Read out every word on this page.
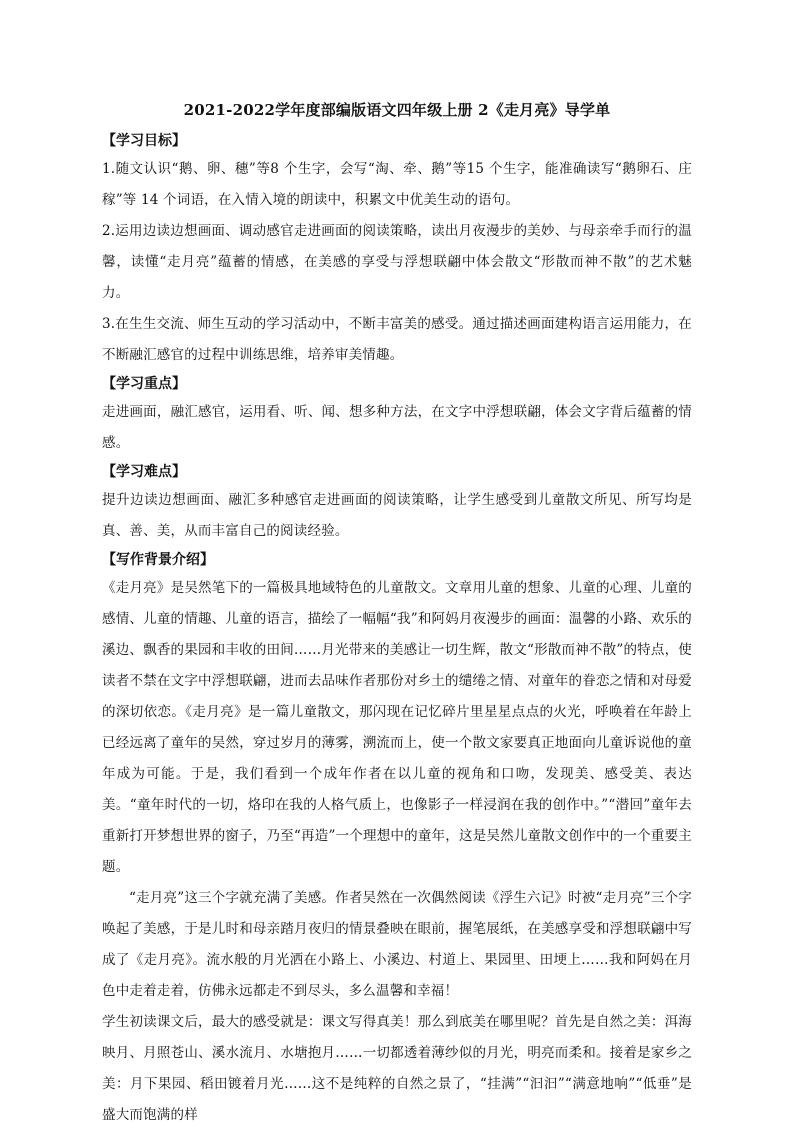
2021-2022学年度部编版语文四年级上册 2《走月亮》导学单
【学习目标】

1.随文认识“鹅、卵、穗”等8 个生字，会写“淘、牵、鹅”等15 个生字，能准确读写“鹅卵石、庄稼”等 14 个词语，在入情入境的朗读中，积累文中优美生动的语句。

2.运用边读边想画面、调动感官走进画面的阅读策略，读出月夜漫步的美妙、与母亲牵手而行的温馨，读懂“走月亮”蕴蓄的情感，在美感的享受与浮想联翩中体会散文“形散而神不散”的艺术魅力。

3.在生生交流、师生互动的学习活动中，不断丰富美的感受。通过描述画面建构语言运用能力，在不断融汇感官的过程中训练思维，培养审美情趣。

【学习重点】

走进画面，融汇感官，运用看、听、闻、想多种方法，在文字中浮想联翩，体会文字背后蕴蓄的情感。

【学习难点】

提升边读边想画面、融汇多种感官走进画面的阅读策略，让学生感受到儿童散文所见、所写均是真、善、美，从而丰富自己的阅读经验。

【写作背景介绍】

《走月亮》是吴然笔下的一篇极具地域特色的儿童散文。文章用儿童的想象、儿童的心理、儿童的感情、儿童的情趣、儿童的语言，描绘了一幅幅“我”和阿妈月夜漫步的画面：温馨的小路、欢乐的溪边、飘香的果园和丰收的田间……月光带来的美感让一切生辉，散文“形散而神不散”的特点，使读者不禁在文字中浮想联翩，进而去品味作者那份对乡土的缱绻之情、对童年的眷恋之情和对母爱的深切依恋。《走月亮》是一篇儿童散文，那闪现在记忆碎片里星星点点的火光，呼唤着在年龄上已经远离了童年的吴然，穿过岁月的薄雾，溯流而上，使一个散文家要真正地面向儿童诉说他的童年成为可能。于是，我们看到一个成年作者在以儿童的视角和口吻，发现美、感受美、表达美。“童年时代的一切，烙印在我的人格气质上，也像影子一样浸润在我的创作中。”“潜回”童年去重新打开梦想世界的窗子，乃至“再造”一个理想中的童年，这是吴然儿童散文创作中的一个重要主题。

“走月亮”这三个字就充满了美感。作者吴然在一次偶然阅读《浮生六记》时被“走月亮”三个字唤起了美感，于是儿时和母亲踏月夜归的情景叠映在眼前，握笔展纸，在美感享受和浮想联翩中写成了《走月亮》。流水般的月光洒在小路上、小溪边、村道上、果园里、田埂上……我和阿妈在月色中走着走着，仿佛永远都走不到尽头，多么温馨和幸福！

学生初读课文后，最大的感受就是：课文写得真美！那么到底美在哪里呢？首先是自然之美：洱海映月、月照苍山、溪水流月、水塘抱月……一切都透着薄纱似的月光，明亮而柔和。接着是家乡之美：月下果园、稻田镀着月光……这不是纯粹的自然之景了，“挂满”“汩汩”“满意地响”“低垂”是盛大而饱满的样
